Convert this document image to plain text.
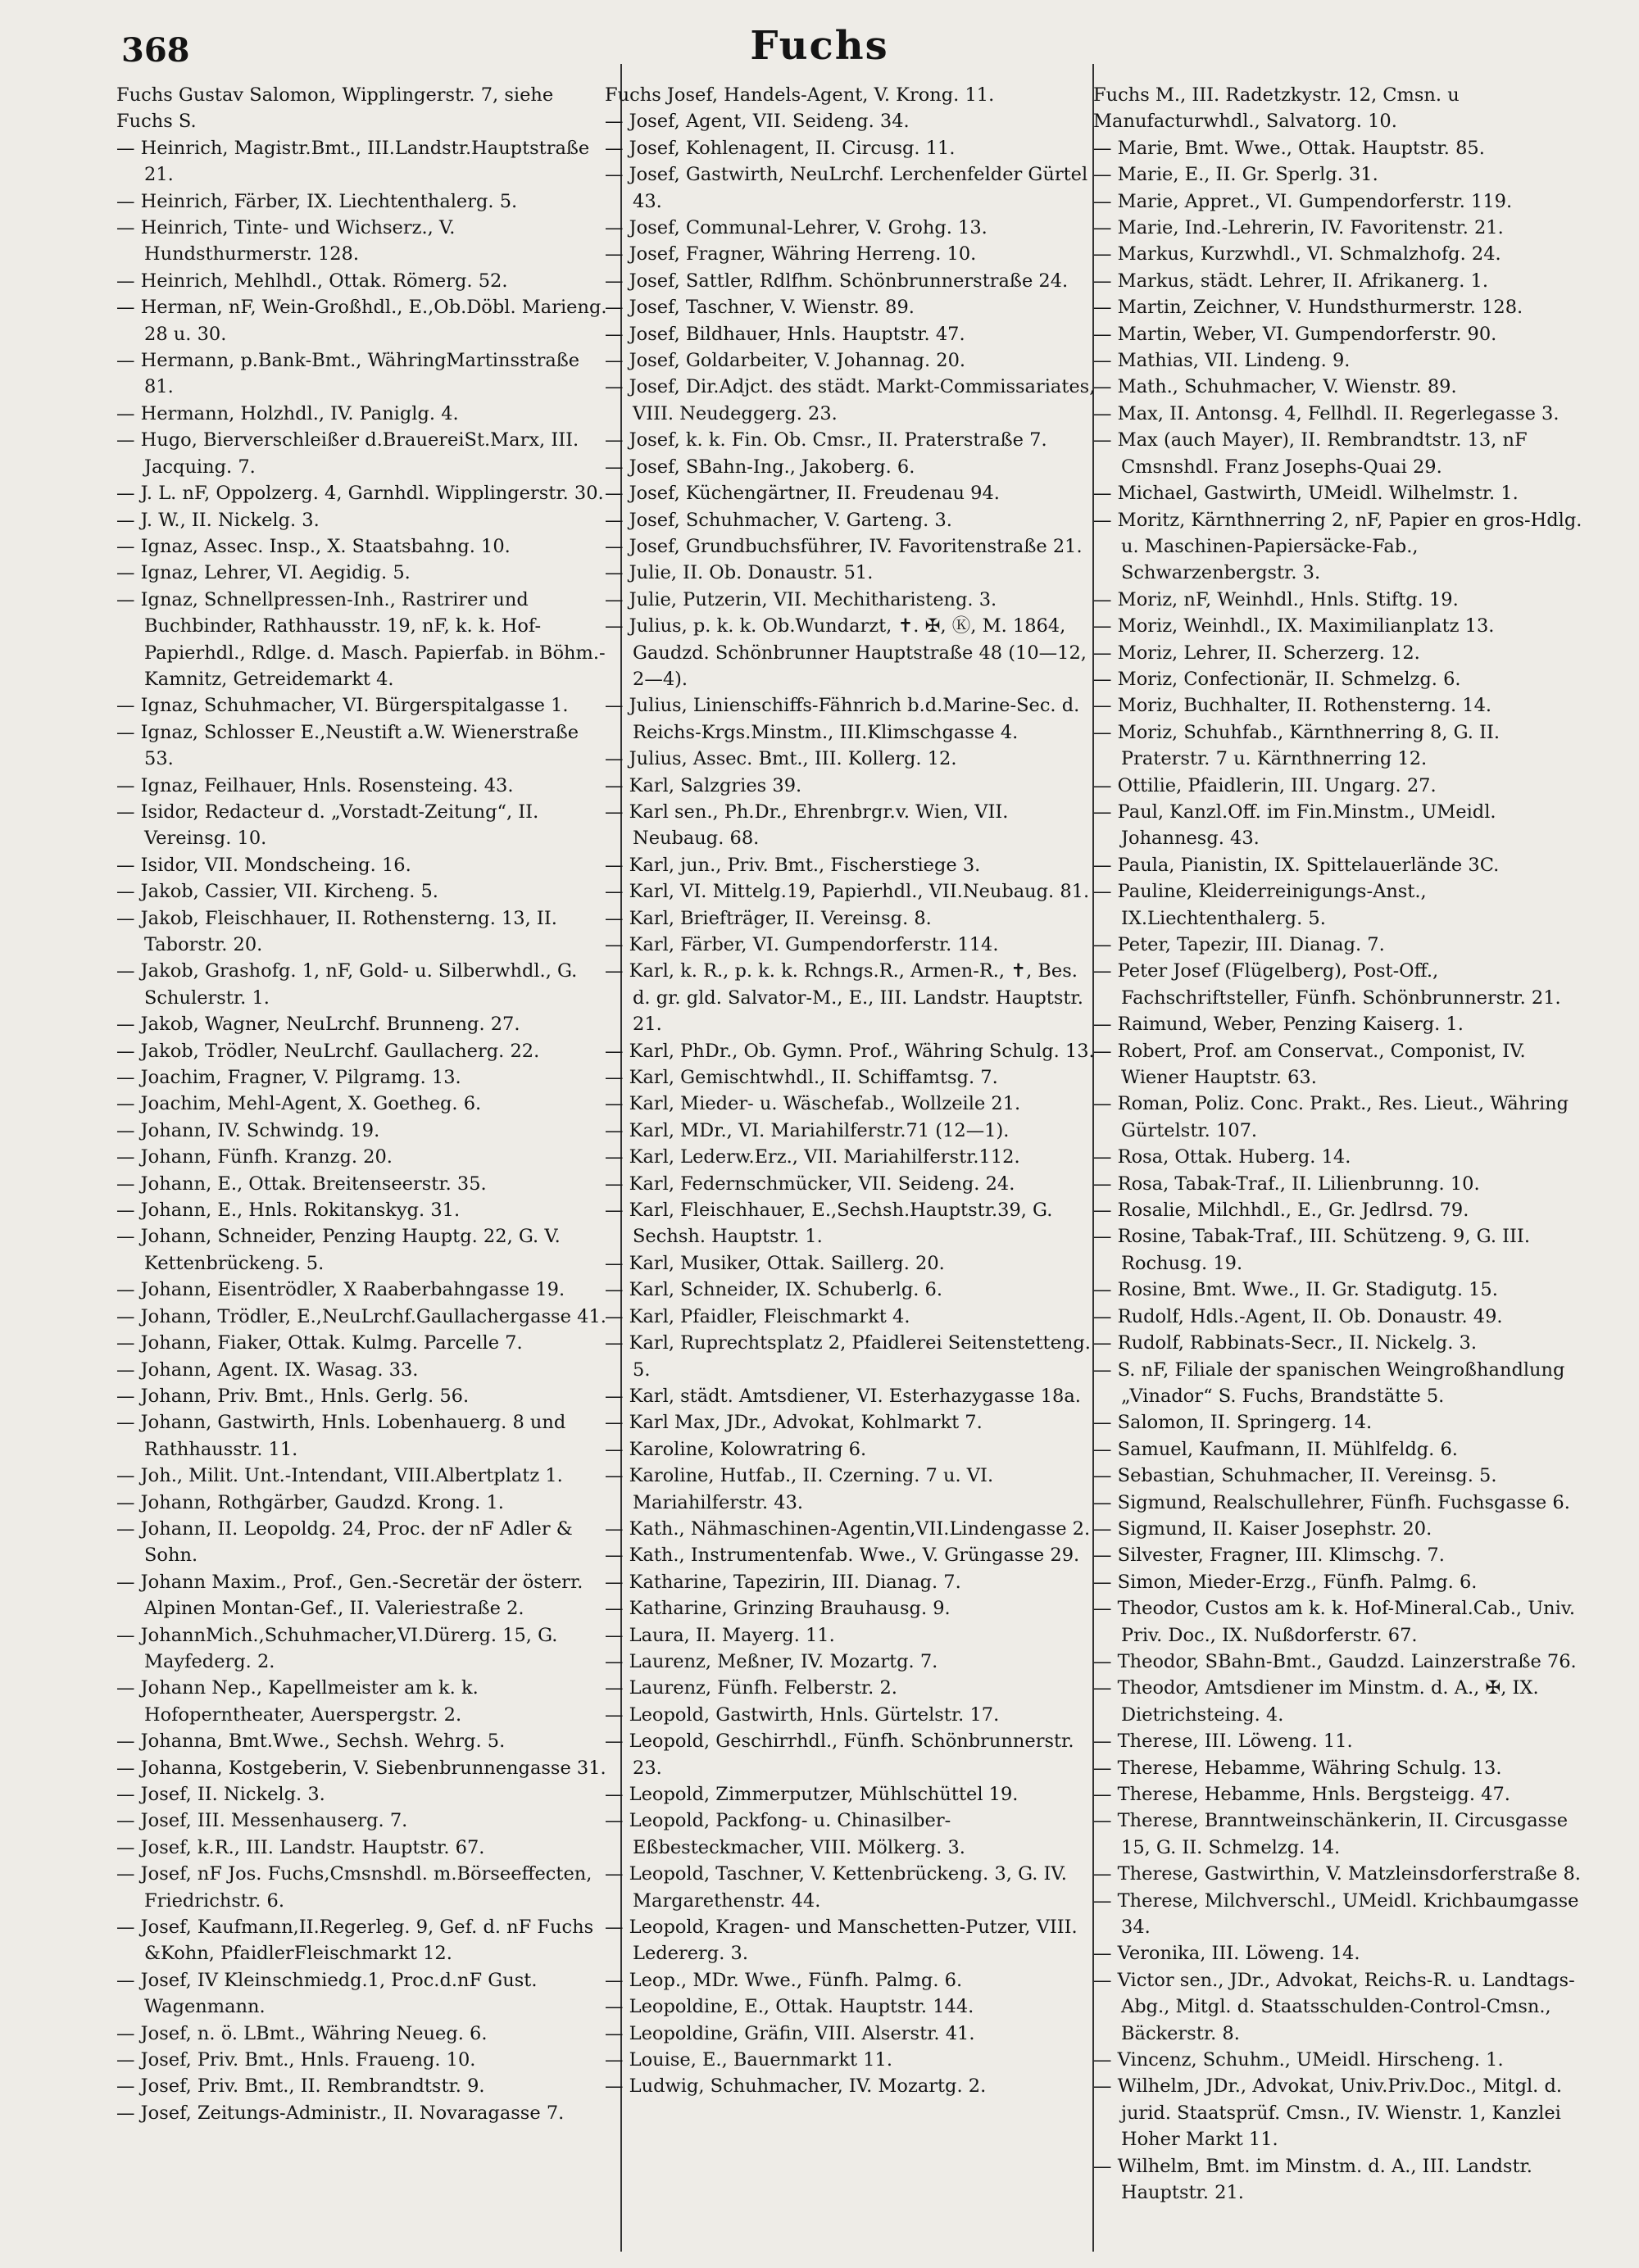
368	Fuchs

Fuchs Gustav Salomon, Wipplingerstr. 7, siehe Fuchs S.

— Heinrich, Magistr.Bmt., III.Landstr.Hauptstraße 21.

— Heinrich, Färber, IX. Liechtenthalerg. 5.

— Heinrich, Tinte- und Wichserz., V. Hundsthurmerstr. 128.

— Heinrich, Mehlhdl., Ottak. Römerg. 52.

— Herman, nF, Wein-Großhdl., E.,Ob.Döbl. Marieng. 28 u. 30.

— Hermann, p.Bank-Bmt., WähringMartinsstraße 81.

— Hermann, Holzhdl., IV. Paniglg. 4.

— Hugo, Bierverschleißer d.BrauereiSt.Marx, III. Jacquing. 7.

— J. L. nF, Oppolzerg. 4, Garnhdl. Wipplingerstr. 30.

— J. W., II. Nickelg. 3.

— Ignaz, Assec. Insp., X. Staatsbahng. 10.

— Ignaz, Lehrer, VI. Aegidig. 5.

— Ignaz, Schnellpressen-Inh., Rastrirer und Buchbinder, Rathhausstr. 19, nF, k. k. Hof-Papierhdl., Rdlge. d. Masch. Papierfab. in Böhm.-Kamnitz, Getreidemarkt 4.

— Ignaz, Schuhmacher, VI. Bürgerspitalgasse 1.

— Ignaz, Schlosser E.,Neustift a.W. Wienerstraße 53.

— Ignaz, Feilhauer, Hnls. Rosensteing. 43.

— Isidor, Redacteur d. „Vorstadt-Zeitung“, II. Vereinsg. 10.

— Isidor, VII. Mondscheing. 16.

— Jakob, Cassier, VII. Kircheng. 5.

— Jakob, Fleischhauer, II. Rothensterng. 13, II. Taborstr. 20.

— Jakob, Grashofg. 1, nF, Gold- u. Silberwhdl., G. Schulerstr. 1.

— Jakob, Wagner, NeuLrchf. Brunneng. 27.

— Jakob, Trödler, NeuLrchf. Gaullacherg. 22.

— Joachim, Fragner, V. Pilgramg. 13.

— Joachim, Mehl-Agent, X. Goetheg. 6.

— Johann, IV. Schwindg. 19.

— Johann, Fünfh. Kranzg. 20.

— Johann, E., Ottak. Breitenseerstr. 35.

— Johann, E., Hnls. Rokitanskyg. 31.

— Johann, Schneider, Penzing Hauptg. 22, G. V. Kettenbrückeng. 5.

— Johann, Eisentrödler, X Raaberbahngasse 19.

— Johann, Trödler, E.,NeuLrchf.Gaullachergasse 41.

— Johann, Fiaker, Ottak. Kulmg. Parcelle 7.

— Johann, Agent. IX. Wasag. 33.

— Johann, Priv. Bmt., Hnls. Gerlg. 56.

— Johann, Gastwirth, Hnls. Lobenhauerg. 8 und Rathhausstr. 11.

— Joh., Milit. Unt.-Intendant, VIII.Albertplatz 1.

— Johann, Rothgärber, Gaudzd. Krong. 1.

— Johann, II. Leopoldg. 24, Proc. der nF Adler & Sohn.

— Johann Maxim., Prof., Gen.-Secretär der österr. Alpinen Montan-Gef., II. Valeriestraße 2.

— JohannMich.,Schuhmacher,VI.Dürerg. 15, G. Mayfederg. 2.

— Johann Nep., Kapellmeister am k. k. Hofoperntheater, Auerspergstr. 2.

— Johanna, Bmt.Wwe., Sechsh. Wehrg. 5.

— Johanna, Kostgeberin, V. Siebenbrunnengasse 31.

— Josef, II. Nickelg. 3.

— Josef, III. Messenhauserg. 7.

— Josef, k.R., III. Landstr. Hauptstr. 67.

— Josef, nF Jos. Fuchs,Cmsnshdl. m.Börseeffecten, Friedrichstr. 6.

— Josef, Kaufmann,II.Regerleg. 9, Gef. d. nF Fuchs &Kohn, PfaidlerFleischmarkt 12.

— Josef, IV Kleinschmiedg.1, Proc.d.nF Gust. Wagenmann.

— Josef, n. ö. LBmt., Währing Neueg. 6.

— Josef, Priv. Bmt., Hnls. Fraueng. 10.

— Josef, Priv. Bmt., II. Rembrandtstr. 9.

— Josef, Zeitungs-Administr., II. Novaragasse 7.

Fuchs Josef, Handels-Agent, V. Krong. 11.

— Josef, Agent, VII. Seideng. 34.

— Josef, Kohlenagent, II. Circusg. 11.

— Josef, Gastwirth, NeuLrchf. Lerchenfelder Gürtel 43.

— Josef, Communal-Lehrer, V. Grohg. 13.

— Josef, Fragner, Währing Herreng. 10.

— Josef, Sattler, Rdlfhm. Schönbrunnerstraße 24.

— Josef, Taschner, V. Wienstr. 89.

— Josef, Bildhauer, Hnls. Hauptstr. 47.

— Josef, Goldarbeiter, V. Johannag. 20.

— Josef, Dir.Adjct. des städt. Markt-Commissariates, VIII. Neudeggerg. 23.

— Josef, k. k. Fin. Ob. Cmsr., II. Praterstraße 7.

— Josef, SBahn-Ing., Jakoberg. 6.

— Josef, Küchengärtner, II. Freudenau 94.

— Josef, Schuhmacher, V. Garteng. 3.

— Josef, Grundbuchsführer, IV. Favoritenstraße 21.

— Julie, II. Ob. Donaustr. 51.

— Julie, Putzerin, VII. Mechitharisteng. 3.

— Julius, p. k. k. Ob.Wundarzt, ✝. ✠, Ⓚ, M. 1864, Gaudzd. Schönbrunner Hauptstraße 48 (10—12, 2—4).

— Julius, Linienschiffs-Fähnrich b.d.Marine-Sec. d. Reichs-Krgs.Minstm., III.Klimschgasse 4.

— Julius, Assec. Bmt., III. Kollerg. 12.

— Karl, Salzgries 39.

— Karl sen., Ph.Dr., Ehrenbrgr.v. Wien, VII. Neubaug. 68.

— Karl, jun., Priv. Bmt., Fischerstiege 3.

— Karl, VI. Mittelg.19, Papierhdl., VII.Neubaug. 81.

— Karl, Briefträger, II. Vereinsg. 8.

— Karl, Färber, VI. Gumpendorferstr. 114.

— Karl, k. R., p. k. k. Rchngs.R., Armen-R., ✝, Bes. d. gr. gld. Salvator-M., E., III. Landstr. Hauptstr. 21.

— Karl, PhDr., Ob. Gymn. Prof., Währing Schulg. 13.

— Karl, Gemischtwhdl., II. Schiffamtsg. 7.

— Karl, Mieder- u. Wäschefab., Wollzeile 21.

— Karl, MDr., VI. Mariahilferstr.71 (12—1).

— Karl, Lederw.Erz., VII. Mariahilferstr.112.

— Karl, Federnschmücker, VII. Seideng. 24.

— Karl, Fleischhauer, E.,Sechsh.Hauptstr.39, G. Sechsh. Hauptstr. 1.

— Karl, Musiker, Ottak. Saillerg. 20.

— Karl, Schneider, IX. Schuberlg. 6.

— Karl, Pfaidler, Fleischmarkt 4.

— Karl, Ruprechtsplatz 2, Pfaidlerei Seitenstetteng. 5.

— Karl, städt. Amtsdiener, VI. Esterhazygasse 18a.

— Karl Max, JDr., Advokat, Kohlmarkt 7.

— Karoline, Kolowratring 6.

— Karoline, Hutfab., II. Czerning. 7 u. VI. Mariahilferstr. 43.

— Kath., Nähmaschinen-Agentin,VII.Lindengasse 2.

— Kath., Instrumentenfab. Wwe., V. Grüngasse 29.

— Katharine, Tapezirin, III. Dianag. 7.

— Katharine, Grinzing Brauhausg. 9.

— Laura, II. Mayerg. 11.

— Laurenz, Meßner, IV. Mozartg. 7.

— Laurenz, Fünfh. Felberstr. 2.

— Leopold, Gastwirth, Hnls. Gürtelstr. 17.

— Leopold, Geschirrhdl., Fünfh. Schönbrunnerstr. 23.

— Leopold, Zimmerputzer, Mühlschüttel 19.

— Leopold, Packfong- u. Chinasilber-Eßbesteckmacher, VIII. Mölkerg. 3.

— Leopold, Taschner, V. Kettenbrückeng. 3, G. IV. Margarethenstr. 44.

— Leopold, Kragen- und Manschetten-Putzer, VIII. Ledererg. 3.

— Leop., MDr. Wwe., Fünfh. Palmg. 6.

— Leopoldine, E., Ottak. Hauptstr. 144.

— Leopoldine, Gräfin, VIII. Alserstr. 41.

— Louise, E., Bauernmarkt 11.

— Ludwig, Schuhmacher, IV. Mozartg. 2.

Fuchs M., III. Radetzkystr. 12, Cmsn. u Manufacturwhdl., Salvatorg. 10.

— Marie, Bmt. Wwe., Ottak. Hauptstr. 85.

— Marie, E., II. Gr. Sperlg. 31.

— Marie, Appret., VI. Gumpendorferstr. 119.

— Marie, Ind.-Lehrerin, IV. Favoritenstr. 21.

— Markus, Kurzwhdl., VI. Schmalzhofg. 24.

— Markus, städt. Lehrer, II. Afrikanerg. 1.

— Martin, Zeichner, V. Hundsthurmerstr. 128.

— Martin, Weber, VI. Gumpendorferstr. 90.

— Mathias, VII. Lindeng. 9.

— Math., Schuhmacher, V. Wienstr. 89.

— Max, II. Antonsg. 4, Fellhdl. II. Regerlegasse 3.

— Max (auch Mayer), II. Rembrandtstr. 13, nF Cmsnshdl. Franz Josephs-Quai 29.

— Michael, Gastwirth, UMeidl. Wilhelmstr. 1.

— Moritz, Kärnthnerring 2, nF, Papier en gros-Hdlg. u. Maschinen-Papiersäcke-Fab., Schwarzenbergstr. 3.

— Moriz, nF, Weinhdl., Hnls. Stiftg. 19.

— Moriz, Weinhdl., IX. Maximilianplatz 13.

— Moriz, Lehrer, II. Scherzerg. 12.

— Moriz, Confectionär, II. Schmelzg. 6.

— Moriz, Buchhalter, II. Rothensterng. 14.

— Moriz, Schuhfab., Kärnthnerring 8, G. II. Praterstr. 7 u. Kärnthnerring 12.

— Ottilie, Pfaidlerin, III. Ungarg. 27.

— Paul, Kanzl.Off. im Fin.Minstm., UMeidl. Johannesg. 43.

— Paula, Pianistin, IX. Spittelauerlände 3C.

— Pauline, Kleiderreinigungs-Anst., IX.Liechtenthalerg. 5.

— Peter, Tapezir, III. Dianag. 7.

— Peter Josef (Flügelberg), Post-Off., Fachschriftsteller, Fünfh. Schönbrunnerstr. 21.

— Raimund, Weber, Penzing Kaiserg. 1.

— Robert, Prof. am Conservat., Componist, IV. Wiener Hauptstr. 63.

— Roman, Poliz. Conc. Prakt., Res. Lieut., Währing Gürtelstr. 107.

— Rosa, Ottak. Huberg. 14.

— Rosa, Tabak-Traf., II. Lilienbrunng. 10.

— Rosalie, Milchhdl., E., Gr. Jedlrsd. 79.

— Rosine, Tabak-Traf., III. Schützeng. 9, G. III. Rochusg. 19.

— Rosine, Bmt. Wwe., II. Gr. Stadigutg. 15.

— Rudolf, Hdls.-Agent, II. Ob. Donaustr. 49.

— Rudolf, Rabbinats-Secr., II. Nickelg. 3.

— S. nF, Filiale der spanischen Weingroßhandlung „Vinador“ S. Fuchs, Brandstätte 5.

— Salomon, II. Springerg. 14.

— Samuel, Kaufmann, II. Mühlfeldg. 6.

— Sebastian, Schuhmacher, II. Vereinsg. 5.

— Sigmund, Realschullehrer, Fünfh. Fuchsgasse 6.

— Sigmund, II. Kaiser Josephstr. 20.

— Silvester, Fragner, III. Klimschg. 7.

— Simon, Mieder-Erzg., Fünfh. Palmg. 6.

— Theodor, Custos am k. k. Hof-Mineral.Cab., Univ. Priv. Doc., IX. Nußdorferstr. 67.

— Theodor, SBahn-Bmt., Gaudzd. Lainzerstraße 76.

— Theodor, Amtsdiener im Minstm. d. A., ✠, IX. Dietrichsteing. 4.

— Therese, III. Löweng. 11.

— Therese, Hebamme, Währing Schulg. 13.

— Therese, Hebamme, Hnls. Bergsteigg. 47.

— Therese, Branntweinschänkerin, II. Circusgasse 15, G. II. Schmelzg. 14.

— Therese, Gastwirthin, V. Matzleinsdorferstraße 8.

— Therese, Milchverschl., UMeidl. Krichbaumgasse 34.

— Veronika, III. Löweng. 14.

— Victor sen., JDr., Advokat, Reichs-R. u. Landtags-Abg., Mitgl. d. Staatsschulden-Control-Cmsn., Bäckerstr. 8.

— Vincenz, Schuhm., UMeidl. Hirscheng. 1.

— Wilhelm, JDr., Advokat, Univ.Priv.Doc., Mitgl. d. jurid. Staatsprüf. Cmsn., IV. Wienstr. 1, Kanzlei Hoher Markt 11.

— Wilhelm, Bmt. im Minstm. d. A., III. Landstr. Hauptstr. 21.
